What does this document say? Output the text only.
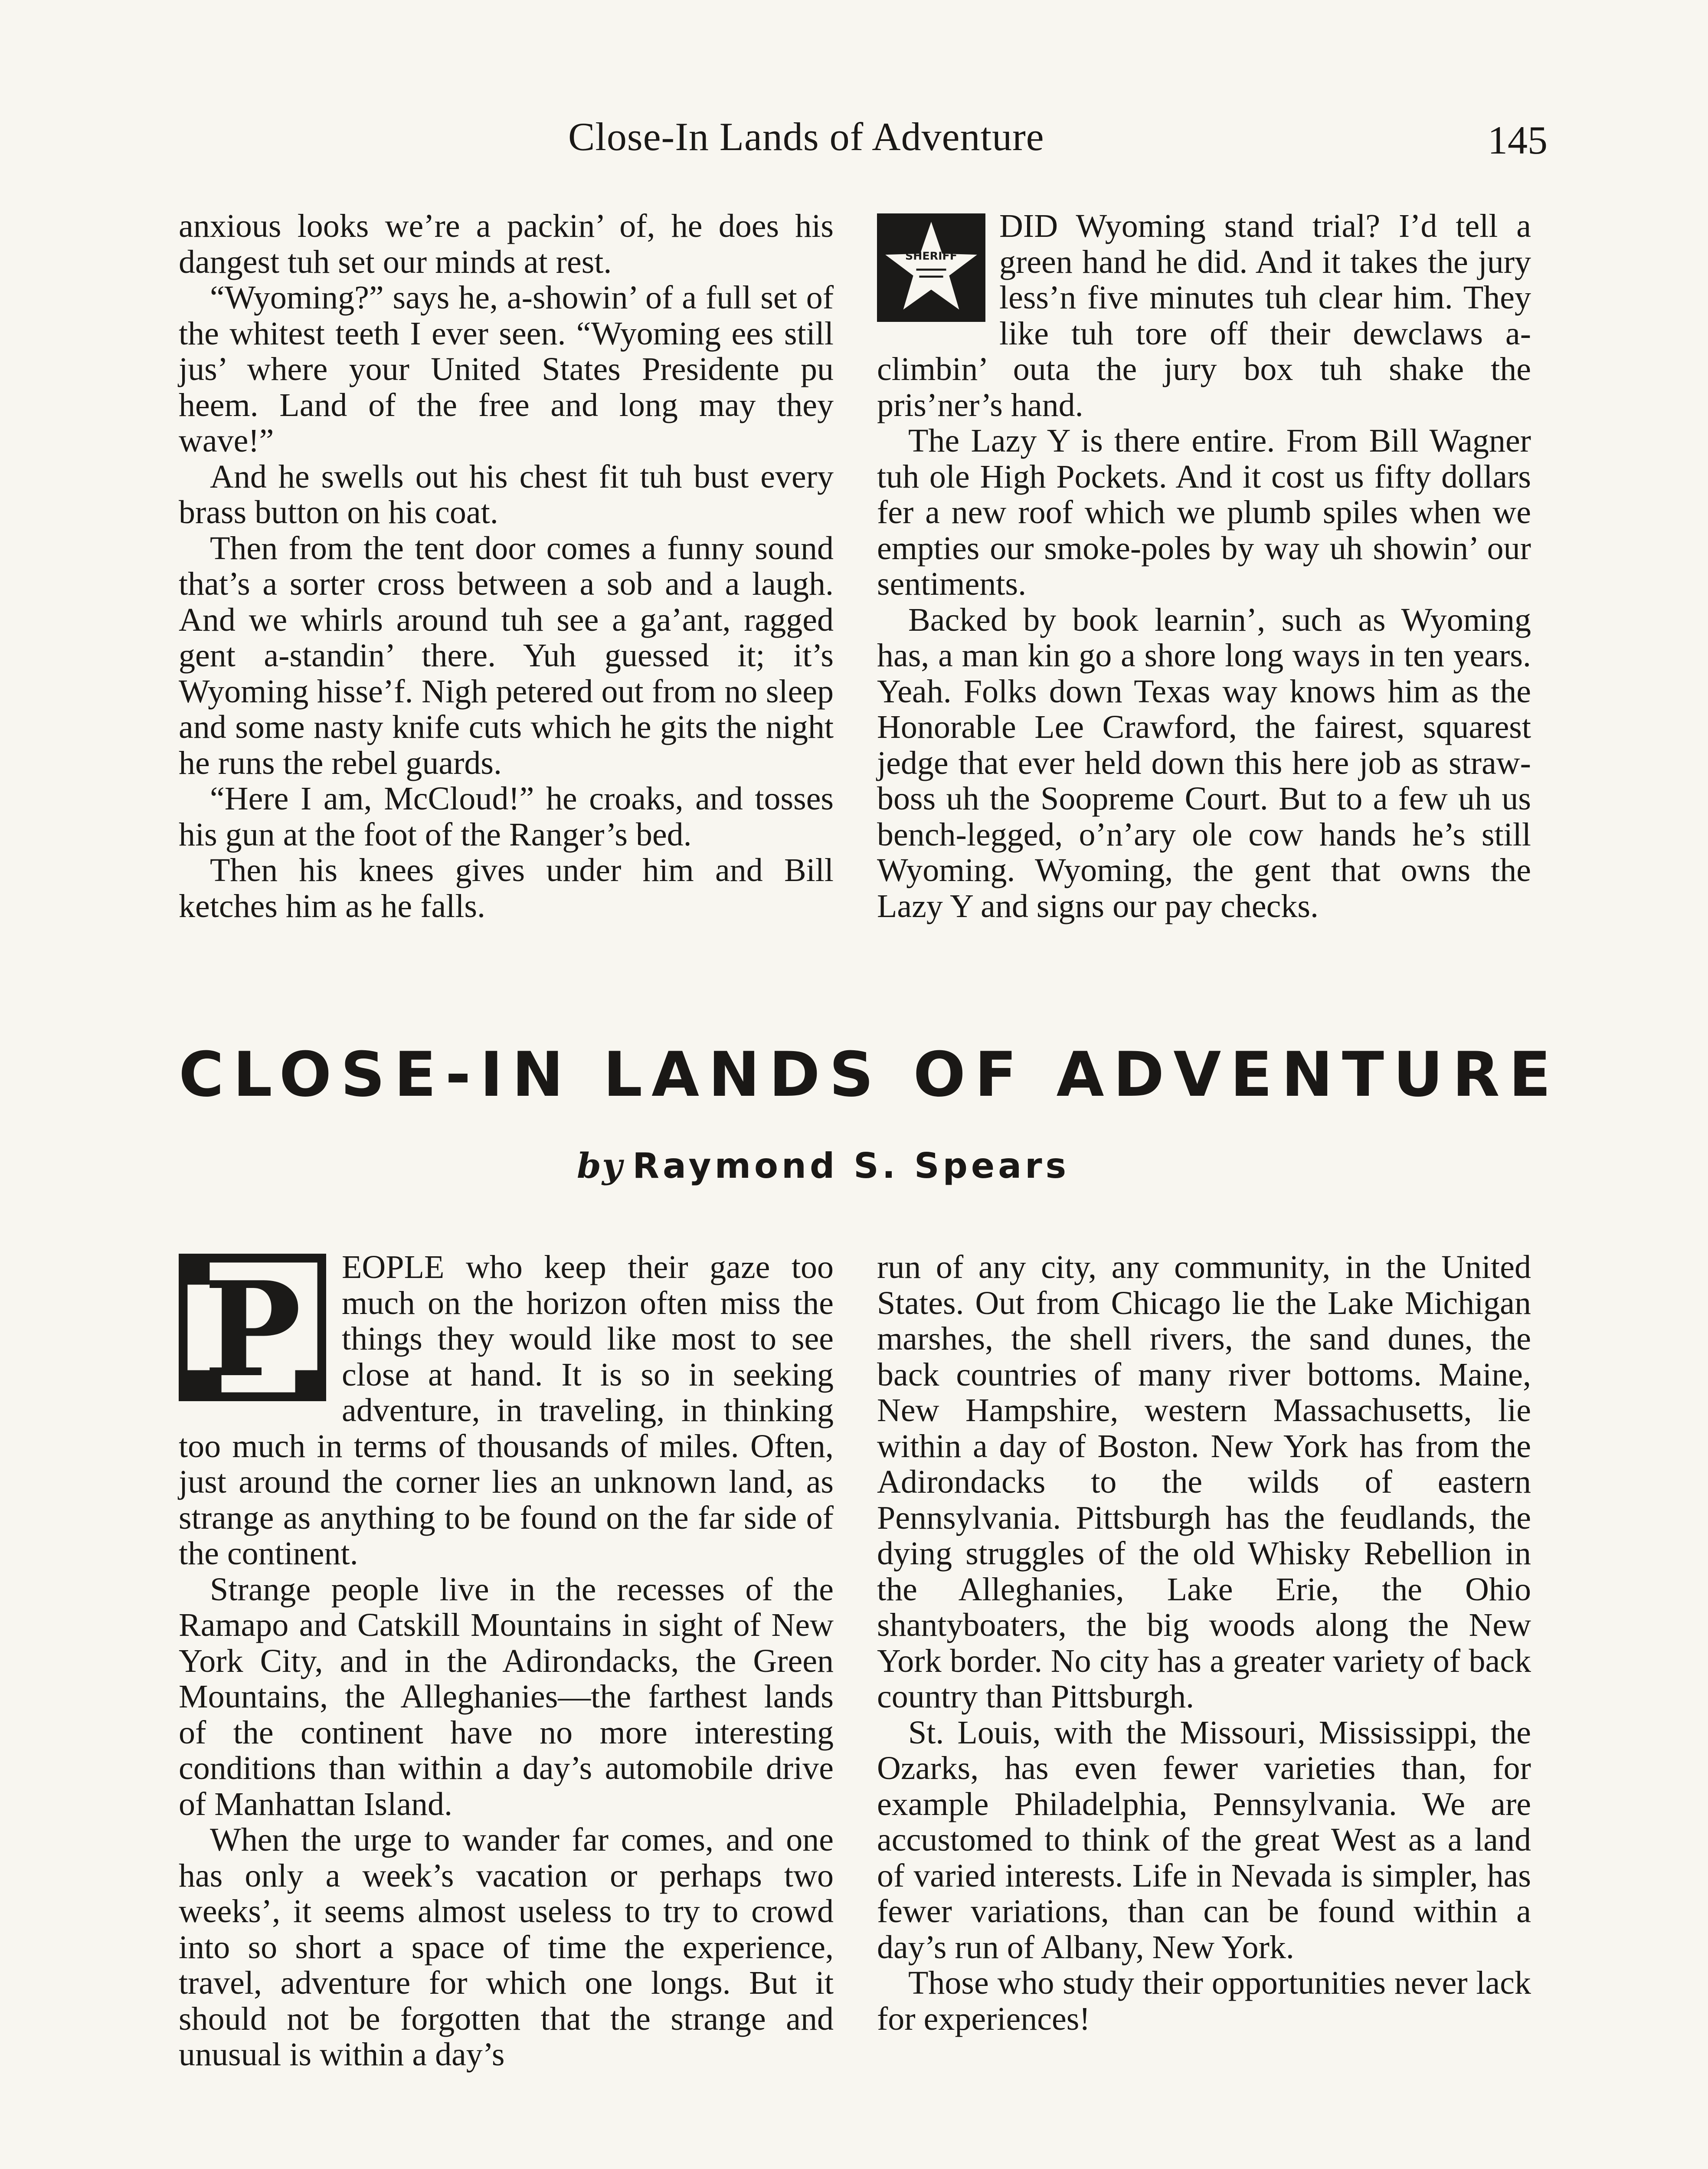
Close-In Lands of Adventure	145

anxious looks we’re a packin’ of, he does his dangest tuh set our minds at rest.

“Wyoming?” says he, a-showin’ of a full set of the whitest teeth I ever seen. “Wyoming ees still jus’ where your United States Presidente pu heem. Land of the free and long may they wave!”

And he swells out his chest fit tuh bust every brass button on his coat.

Then from the tent door comes a funny sound that’s a sorter cross between a sob and a laugh. And we whirls around tuh see a ga’ant, ragged gent a-standin’ there. Yuh guessed it; it’s Wyoming hisse’f. Nigh petered out from no sleep and some nasty knife cuts which he gits the night he runs the rebel guards.

“Here I am, McCloud!” he croaks, and tosses his gun at the foot of the Ranger’s bed.

Then his knees gives under him and Bill ketches him as he falls.

SHERIFF

DID Wyoming stand trial? I’d tell a green hand he did. And it takes the jury less’n five minutes tuh clear him. They like tuh tore off their dewclaws a-climbin’ outa the jury box tuh shake the pris’ner’s hand.

The Lazy Y is there entire. From Bill Wagner tuh ole High Pockets. And it cost us fifty dollars fer a new roof which we plumb spiles when we empties our smoke-poles by way uh showin’ our sentiments.

Backed by book learnin’, such as Wyoming has, a man kin go a shore long ways in ten years. Yeah. Folks down Texas way knows him as the Honorable Lee Crawford, the fairest, squarest jedge that ever held down this here job as straw-boss uh the Soopreme Court. But to a few uh us bench-legged, o’n’ary ole cow hands he’s still Wyoming. Wyoming, the gent that owns the Lazy Y and signs our pay checks.

CLOSE-IN LANDS OF ADVENTURE
by Raymond S. Spears
P	EOPLE who keep their gaze too much on the horizon often miss the things they would like most to see close at hand. It is so in seeking adventure, in traveling, in thinking too much in terms of thousands of miles. Often, just around the corner lies an unknown land, as strange as anything to be found on the far side of the continent.

Strange people live in the recesses of the Ramapo and Catskill Mountains in sight of New York City, and in the Adirondacks, the Green Mountains, the Alleghanies—the farthest lands of the continent have no more interesting conditions than within a day’s automobile drive of Manhattan Island.

When the urge to wander far comes, and one has only a week’s vacation or perhaps two weeks’, it seems almost useless to try to crowd into so short a space of time the experience, travel, adventure for which one longs. But it should not be forgotten that the strange and unusual is within a day’s

run of any city, any community, in the United States. Out from Chicago lie the Lake Michigan marshes, the shell rivers, the sand dunes, the back countries of many river bottoms. Maine, New Hampshire, western Massachusetts, lie within a day of Boston. New York has from the Adirondacks to the wilds of eastern Pennsylvania. Pittsburgh has the feudlands, the dying struggles of the old Whisky Rebellion in the Alleghanies, Lake Erie, the Ohio shantyboaters, the big woods along the New York border. No city has a greater variety of back country than Pittsburgh.

St. Louis, with the Missouri, Mississippi, the Ozarks, has even fewer varieties than, for example Philadelphia, Pennsylvania. We are accustomed to think of the great West as a land of varied interests. Life in Nevada is simpler, has fewer variations, than can be found within a day’s run of Albany, New York.

Those who study their opportunities never lack for experiences!
